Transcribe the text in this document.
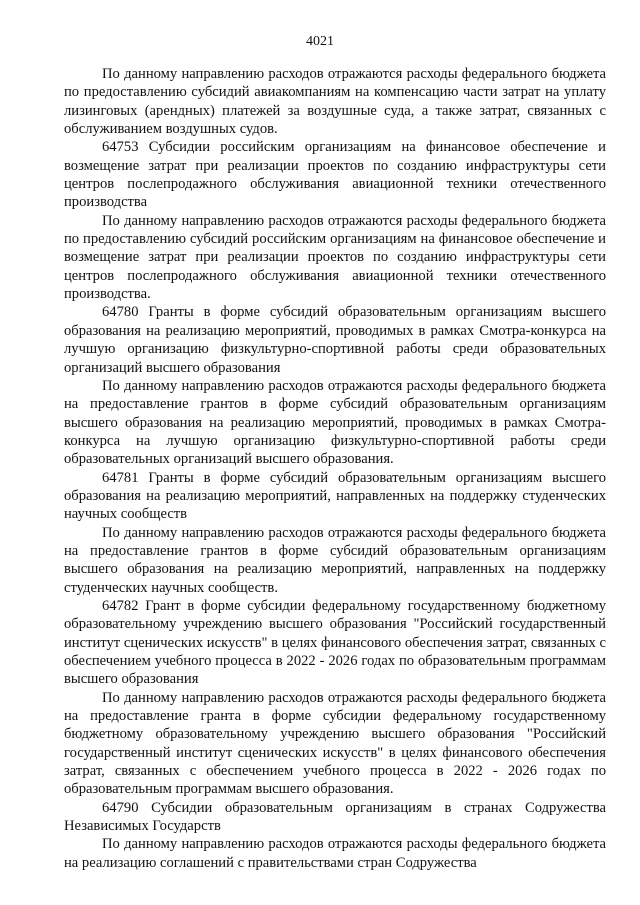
4021

По данному направлению расходов отражаются расходы федерального бюджета по предоставлению субсидий авиакомпаниям на компенсацию части затрат на уплату лизинговых (арендных) платежей за воздушные суда, а также затрат, связанных с обслуживанием воздушных судов.

64753 Субсидии российским организациям на финансовое обеспечение и возмещение затрат при реализации проектов по созданию инфраструктуры сети центров послепродажного обслуживания авиационной техники отечественного производства

По данному направлению расходов отражаются расходы федерального бюджета по предоставлению субсидий российским организациям на финансовое обеспечение и возмещение затрат при реализации проектов по созданию инфраструктуры сети центров послепродажного обслуживания авиационной техники отечественного производства.

64780 Гранты в форме субсидий образовательным организациям высшего образования на реализацию мероприятий, проводимых в рамках Смотра-конкурса на лучшую организацию физкультурно-спортивной работы среди образовательных организаций высшего образования

По данному направлению расходов отражаются расходы федерального бюджета на предоставление грантов в форме субсидий образовательным организациям высшего образования на реализацию мероприятий, проводимых в рамках Смотра-конкурса на лучшую организацию физкультурно-спортивной работы среди образовательных организаций высшего образования.

64781 Гранты в форме субсидий образовательным организациям высшего образования на реализацию мероприятий, направленных на поддержку студенческих научных сообществ

По данному направлению расходов отражаются расходы федерального бюджета на предоставление грантов в форме субсидий образовательным организациям высшего образования на реализацию мероприятий, направленных на поддержку студенческих научных сообществ.

64782 Грант в форме субсидии федеральному государственному бюджетному образовательному учреждению высшего образования "Российский государственный институт сценических искусств" в целях финансового обеспечения затрат, связанных с обеспечением учебного процесса в 2022 - 2026 годах по образовательным программам высшего образования

По данному направлению расходов отражаются расходы федерального бюджета на предоставление гранта в форме субсидии федеральному государственному бюджетному образовательному учреждению высшего образования "Российский государственный институт сценических искусств" в целях финансового обеспечения затрат, связанных с обеспечением учебного процесса в 2022 - 2026 годах по образовательным программам высшего образования.

64790 Субсидии образовательным организациям в странах Содружества Независимых Государств

По данному направлению расходов отражаются расходы федерального бюджета на реализацию соглашений с правительствами стран Содружества
